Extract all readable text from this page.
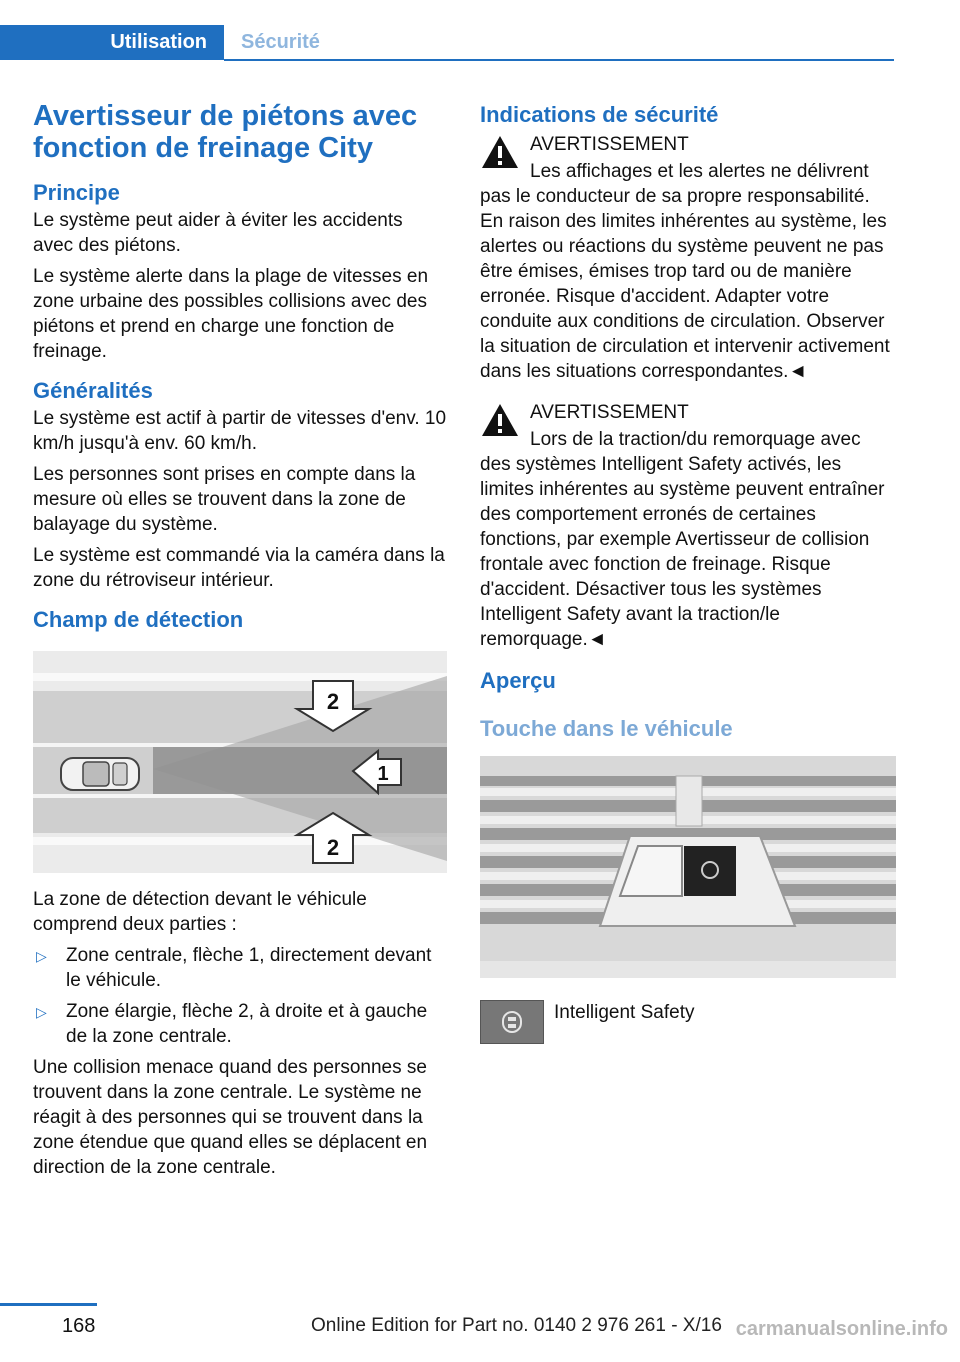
Utilisation	Sécurité
Avertisseur de piétons avec fonction de freinage City
Principe

Le système peut aider à éviter les accidents avec des piétons.

Le système alerte dans la plage de vitesses en zone urbaine des possibles collisions avec des piétons et prend en charge une fonction de freinage.

Généralités

Le système est actif à partir de vitesses d'env. 10 km/h jusqu'à env. 60 km/h.

Les personnes sont prises en compte dans la mesure où elles se trouvent dans la zone de balayage du système.

Le système est commandé via la caméra dans la zone du rétroviseur intérieur.

Champ de détection
2
1
2

La zone de détection devant le véhicule comprend deux parties :

▷ Zone centrale, flèche 1, directement devant le véhicule.
▷ Zone élargie, flèche 2, à droite et à gauche de la zone centrale.

Une collision menace quand des personnes se trouvent dans la zone centrale. Le système ne réagit à des personnes qui se trouvent dans la zone étendue que quand elles se déplacent en direction de la zone centrale.

Indications de sécurité
AVERTISSEMENT
Les affichages et les alertes ne délivrent pas le conducteur de sa propre responsabilité. En raison des limites inhérentes au système, les alertes ou réactions du système peuvent ne pas être émises, émises trop tard ou de manière erronée. Risque d'accident. Adapter votre conduite aux conditions de circulation. Observer la situation de circulation et intervenir activement dans les situations correspondantes.◄
AVERTISSEMENT
Lors de la traction/du remorquage avec des systèmes Intelligent Safety activés, les limites inhérentes au système peuvent entraîner des comportement erronés de certaines fonctions, par exemple Avertisseur de collision frontale avec fonction de freinage. Risque d'accident. Désactiver tous les systèmes Intelligent Safety avant la traction/le remorquage.◄
Aperçu
Touche dans le véhicule
Intelligent Safety
168	Online Edition for Part no. 0140 2 976 261 - X/16 carmanualsonline.info
